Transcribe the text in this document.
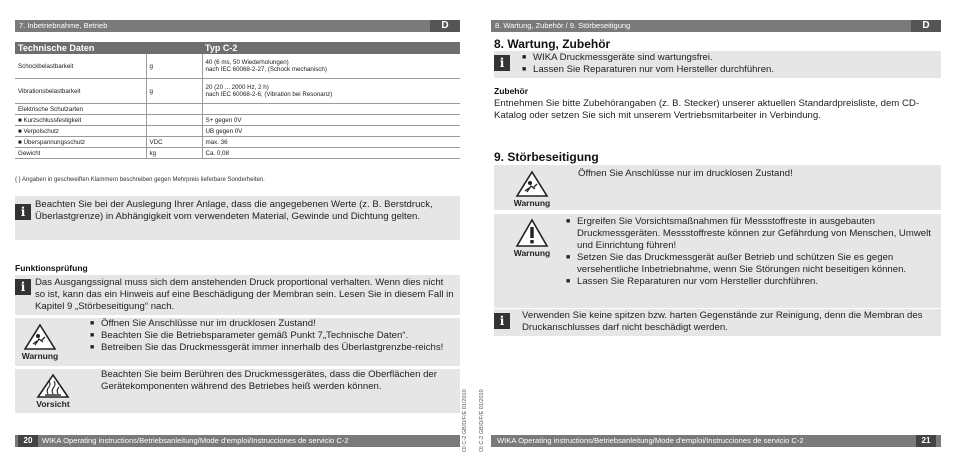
7. Inbetriebnahme, Betrieb	D
Technische Daten		Typ C-2
Schockbelastbarkeit	g	40 (6 ms, 50 Wiederholungen)
nach IEC 60068-2-27, (Schock mechanisch)
Vibrationsbelastbarkeit	g	20 (20 ... 2000 Hz, 2 h)
nach IEC 60068-2-6, (Vibration bei Resonanz)
Elektrische Schutzarten		
■ Kurzschlussfestigkeit		S+ gegen 0V
■ Verpolschutz		UB gegen 0V
■ Überspannungsschutz	VDC	max. 36
Gewicht	kg	Ca. 0,08
{ } Angaben in geschweiften Klammern beschreiben gegen Mehrpreis lieferbare Sonderheiten.
i
Beachten Sie bei der Auslegung Ihrer Anlage, dass die angegebenen Werte (z. B. Berstdruck, Überlastgrenze) in Abhängigkeit vom verwendeten Material, Gewinde und Dichtung gelten.
Funktionsprüfung
i	Das Ausgangssignal muss sich dem anstehenden Druck proportional verhalten. Wenn dies nicht so ist, kann das ein Hinweis auf eine Beschädigung der Membran sein. Lesen Sie in diesem Fall in Kapitel 9 „Störbeseitigung“ nach.
Warnung
■ Öffnen Sie Anschlüsse nur im drucklosen Zustand!
■ Beachten Sie die Betriebsparameter gemäß Punkt 7„Technische Daten“.
■ Betreiben Sie das Druckmessgerät immer innerhalb des Überlastgrenzbe-reichs!
Vorsicht
Beachten Sie beim Berühren des Druckmessgerätes, dass die Oberflächen der Gerätekomponenten während des Betriebes heiß werden können.
20	WIKA Operating instructions/Betriebsanleitung/Mode d'emploi/Instrucciones de servicio C-2	OI C-2 GB/D/F/E 01/2010
8. Wartung, Zubehör / 9. Störbeseitigung	D
OI C-2 GB/D/F/E 01/2010
8. Wartung, Zubehör
i	■ WIKA Druckmessgeräte sind wartungsfrei.
■ Lassen Sie Reparaturen nur vom Hersteller durchführen.
Zubehör
Entnehmen Sie bitte Zubehörangaben (z. B. Stecker) unserer aktuellen Standardpreisliste, dem CD-Katalog oder setzen Sie sich mit unserem Vertriebsmitarbeiter in Verbindung.
9. Störbeseitigung
Warnung
Öffnen Sie Anschlüsse nur im drucklosen Zustand!
Warnung
■ Ergreifen Sie Vorsichtsmaßnahmen für Messstoffreste in ausgebauten Druckmessgeräten. Messstoffreste können zur Gefährdung von Menschen, Umwelt und Einrichtung führen!
■ Setzen Sie das Druckmessgerät außer Betrieb und schützen Sie es gegen versehentliche Inbetriebnahme, wenn Sie Störungen nicht beseitigen können.
■ Lassen Sie Reparaturen nur vom Hersteller durchführen.
i	Verwenden Sie keine spitzen bzw. harten Gegenstände zur Reinigung, denn die Membran des Druckanschlusses darf nicht beschädigt werden.
WIKA Operating instructions/Betriebsanleitung/Mode d'emploi/Instrucciones de servicio C-2	21
